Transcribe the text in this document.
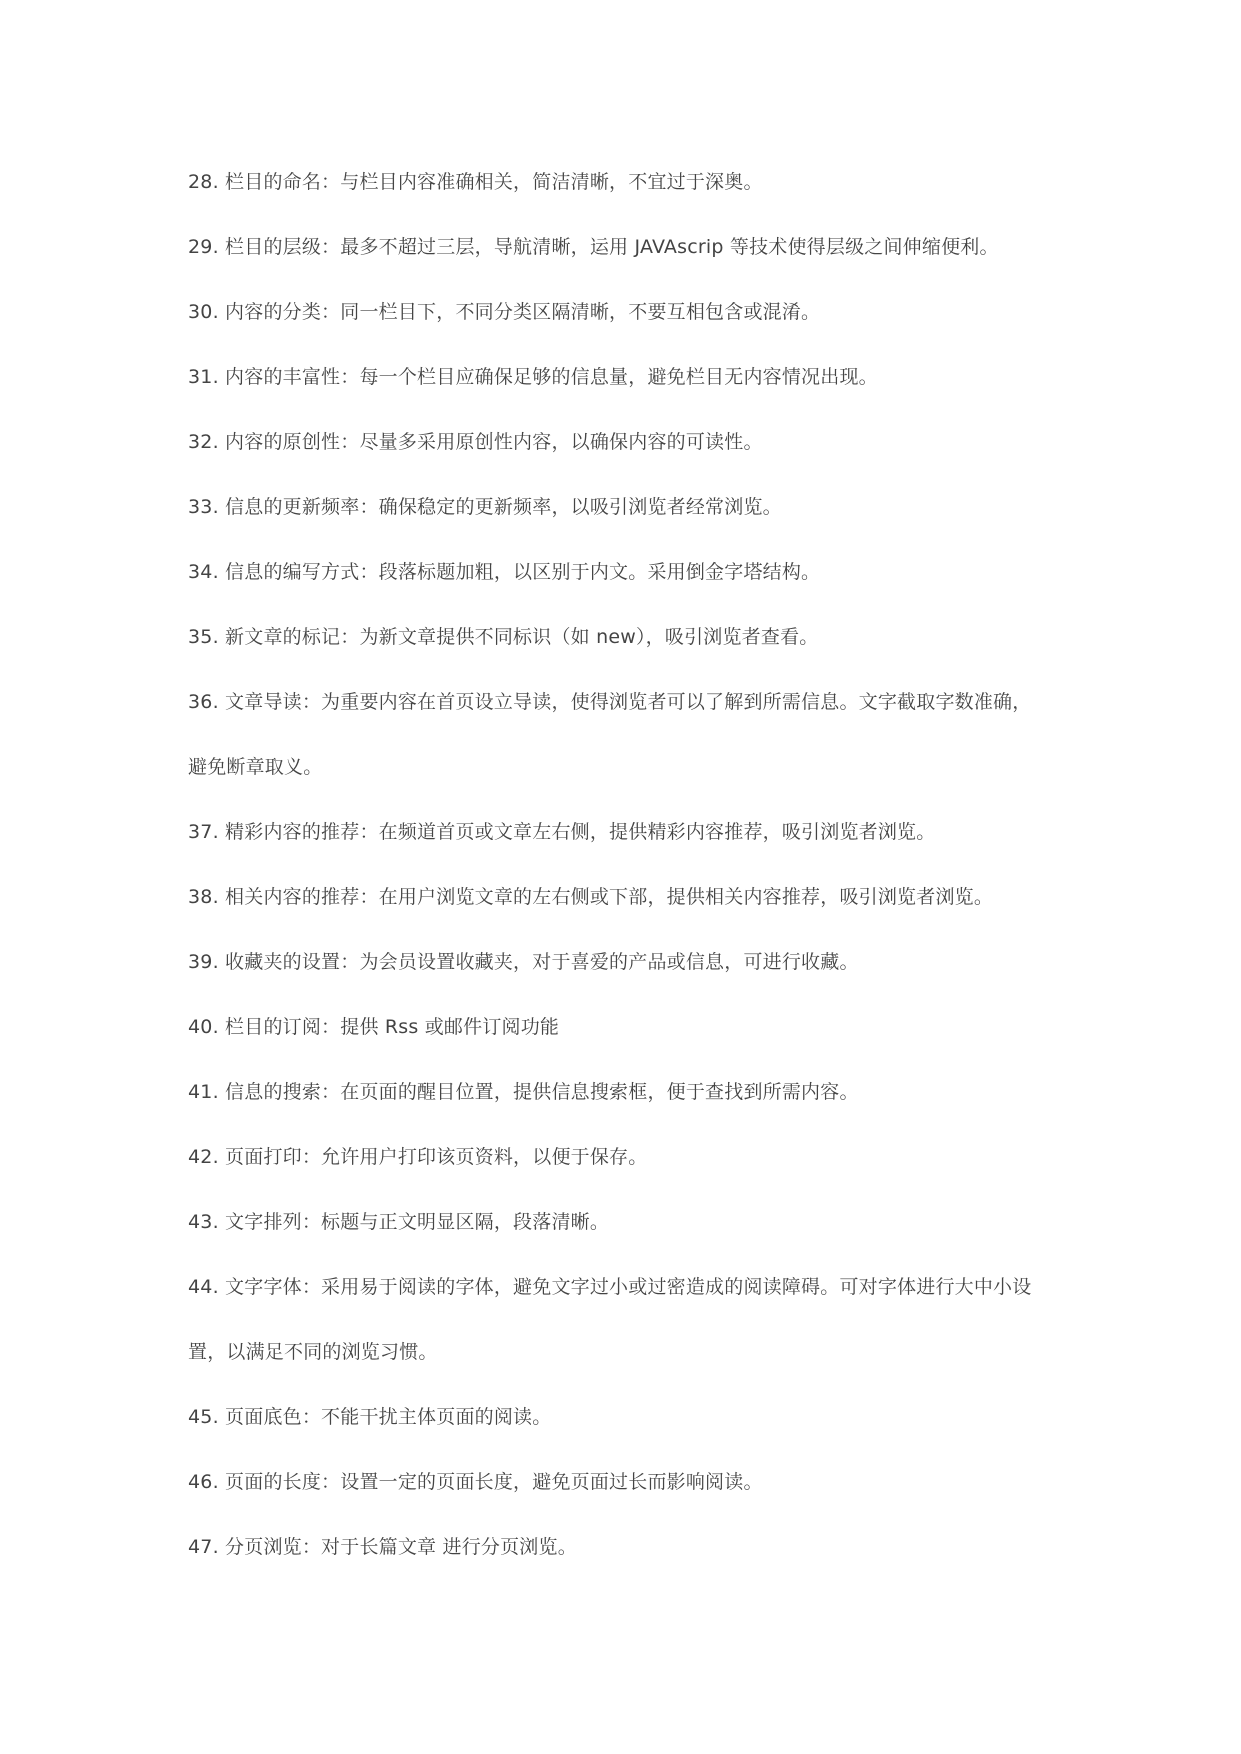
28. 栏目的命名：与栏目内容准确相关，简洁清晰，不宜过于深奥。
29. 栏目的层级：最多不超过三层，导航清晰，运用 JAVAscrip 等技术使得层级之间伸缩便利。
30. 内容的分类：同一栏目下，不同分类区隔清晰，不要互相包含或混淆。
31. 内容的丰富性：每一个栏目应确保足够的信息量，避免栏目无内容情况出现。
32. 内容的原创性：尽量多采用原创性内容，以确保内容的可读性。
33. 信息的更新频率：确保稳定的更新频率，以吸引浏览者经常浏览。
34. 信息的编写方式：段落标题加粗，以区别于内文。采用倒金字塔结构。
35. 新文章的标记：为新文章提供不同标识（如 new），吸引浏览者查看。
36. 文章导读：为重要内容在首页设立导读，使得浏览者可以了解到所需信息。文字截取字数准确，
避免断章取义。
37. 精彩内容的推荐：在频道首页或文章左右侧，提供精彩内容推荐，吸引浏览者浏览。
38. 相关内容的推荐：在用户浏览文章的左右侧或下部，提供相关内容推荐，吸引浏览者浏览。
39. 收藏夹的设置：为会员设置收藏夹，对于喜爱的产品或信息，可进行收藏。
40. 栏目的订阅：提供 Rss 或邮件订阅功能
41. 信息的搜索：在页面的醒目位置，提供信息搜索框，便于查找到所需内容。
42. 页面打印：允许用户打印该页资料，以便于保存。
43. 文字排列：标题与正文明显区隔，段落清晰。
44. 文字字体：采用易于阅读的字体，避免文字过小或过密造成的阅读障碍。可对字体进行大中小设
置，以满足不同的浏览习惯。
45. 页面底色：不能干扰主体页面的阅读。
46. 页面的长度：设置一定的页面长度，避免页面过长而影响阅读。
47. 分页浏览：对于长篇文章 进行分页浏览。
